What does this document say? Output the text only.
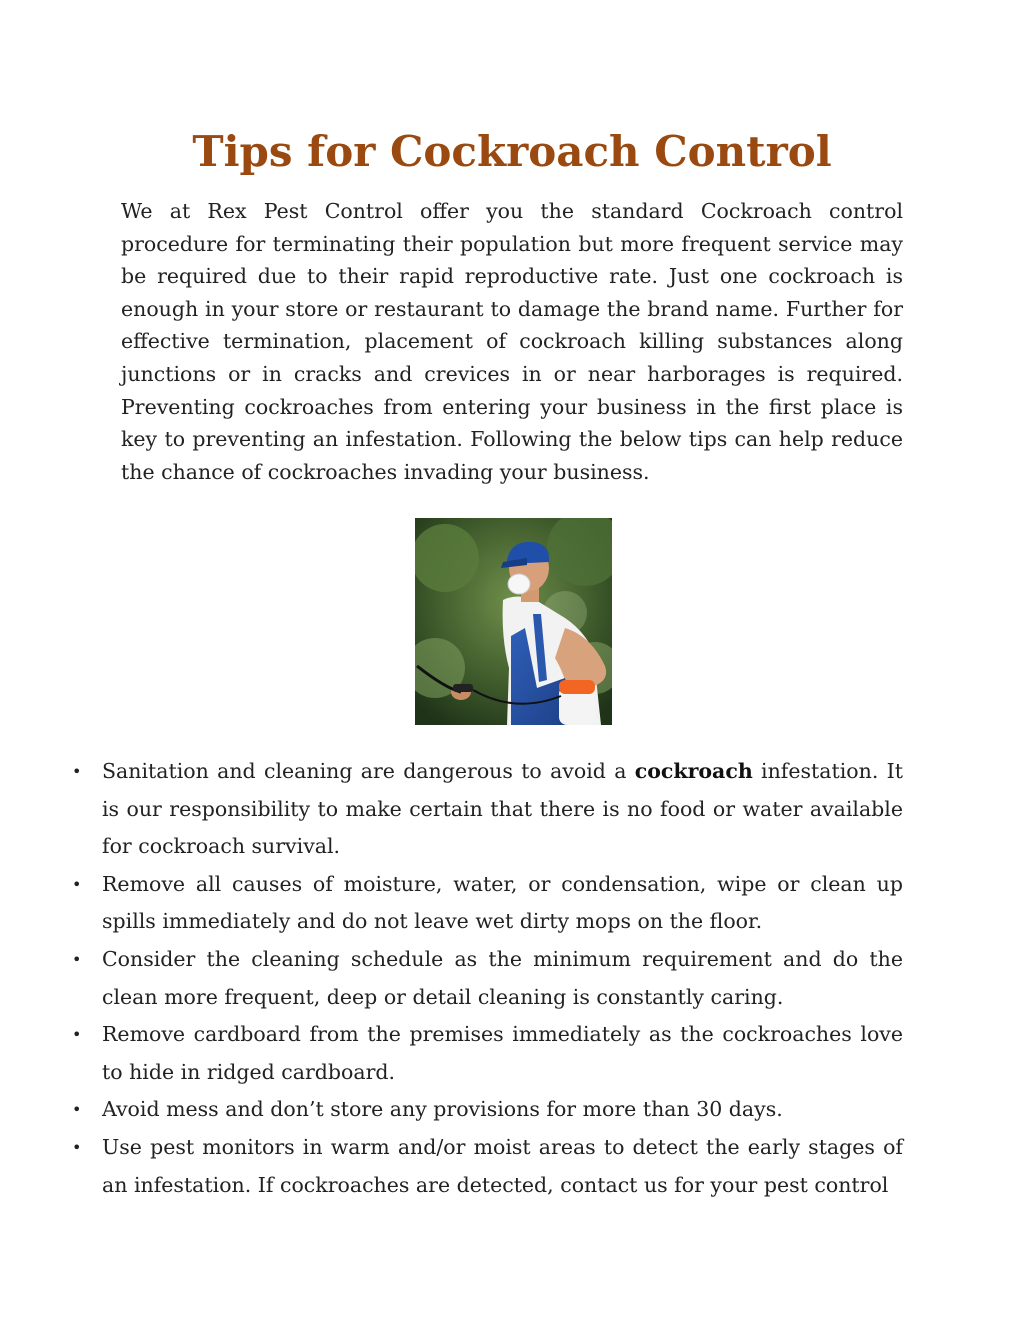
Tips for Cockroach Control

We at Rex Pest Control offer you the standard Cockroach control procedure for terminating their population but more frequent service may be required due to their rapid reproductive rate. Just one cockroach is enough in your store or restaurant to damage the brand name. Further for effective termination, placement of cockroach killing substances along junctions or in cracks and crevices in or near harborages is required. Preventing cockroaches from entering your business in the first place is key to preventing an infestation. Following the below tips can help reduce the chance of cockroaches invading your business.

• Sanitation and cleaning are dangerous to avoid a cockroach infestation. It is our responsibility to make certain that there is no food or water available for cockroach survival.
• Remove all causes of moisture, water, or condensation, wipe or clean up spills immediately and do not leave wet dirty mops on the floor.
• Consider the cleaning schedule as the minimum requirement and do the clean more frequent, deep or detail cleaning is constantly caring.
• Remove cardboard from the premises immediately as the cockroaches love to hide in ridged cardboard.
• Avoid mess and don’t store any provisions for more than 30 days.
• Use pest monitors in warm and/or moist areas to detect the early stages of an infestation. If cockroaches are detected, contact us for your pest control
